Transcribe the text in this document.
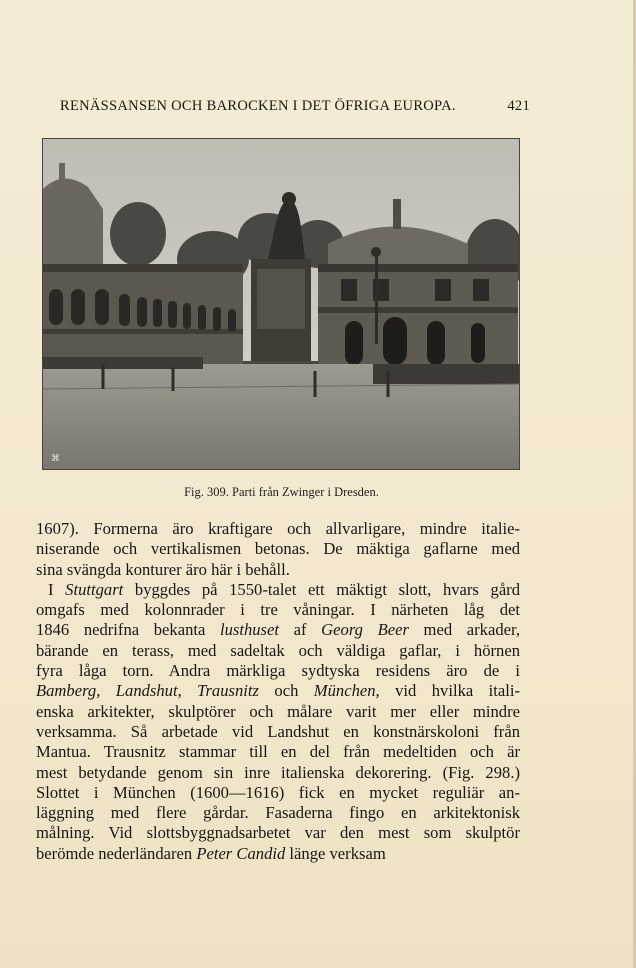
RENÄSSANSEN OCH BAROCKEN I DET ÖFRIGA EUROPA.	421
⌘
Fig. 309. Parti från Zwinger i Dresden.
1607). Formerna äro kraftigare och allvarligare, mindre italie-
niserande och vertikalismen betonas. De mäktiga gaflarne med
sina svängda konturer äro här i behåll.
I Stuttgart byggdes på 1550-talet ett mäktigt slott, hvars gård
omgafs med kolonnrader i tre våningar. I närheten låg det
1846 nedrifna bekanta lusthuset af Georg Beer med arkader,
bärande en terass, med sadeltak och väldiga gaflar, i hörnen
fyra låga torn. Andra märkliga sydtyska residens äro de i
Bamberg, Landshut, Trausnitz och München, vid hvilka itali-
enska arkitekter, skulptörer och målare varit mer eller mindre
verksamma. Så arbetade vid Landshut en konstnärskoloni från
Mantua. Trausnitz stammar till en del från medeltiden och är
mest betydande genom sin inre italienska dekorering. (Fig. 298.)
Slottet i München (1600—1616) fick en mycket reguliär an-
läggning med flere gårdar. Fasaderna fingo en arkitektonisk
målning. Vid slottsbyggnadsarbetet var den mest som skulptör
berömde nederländaren Peter Candid länge verksam
